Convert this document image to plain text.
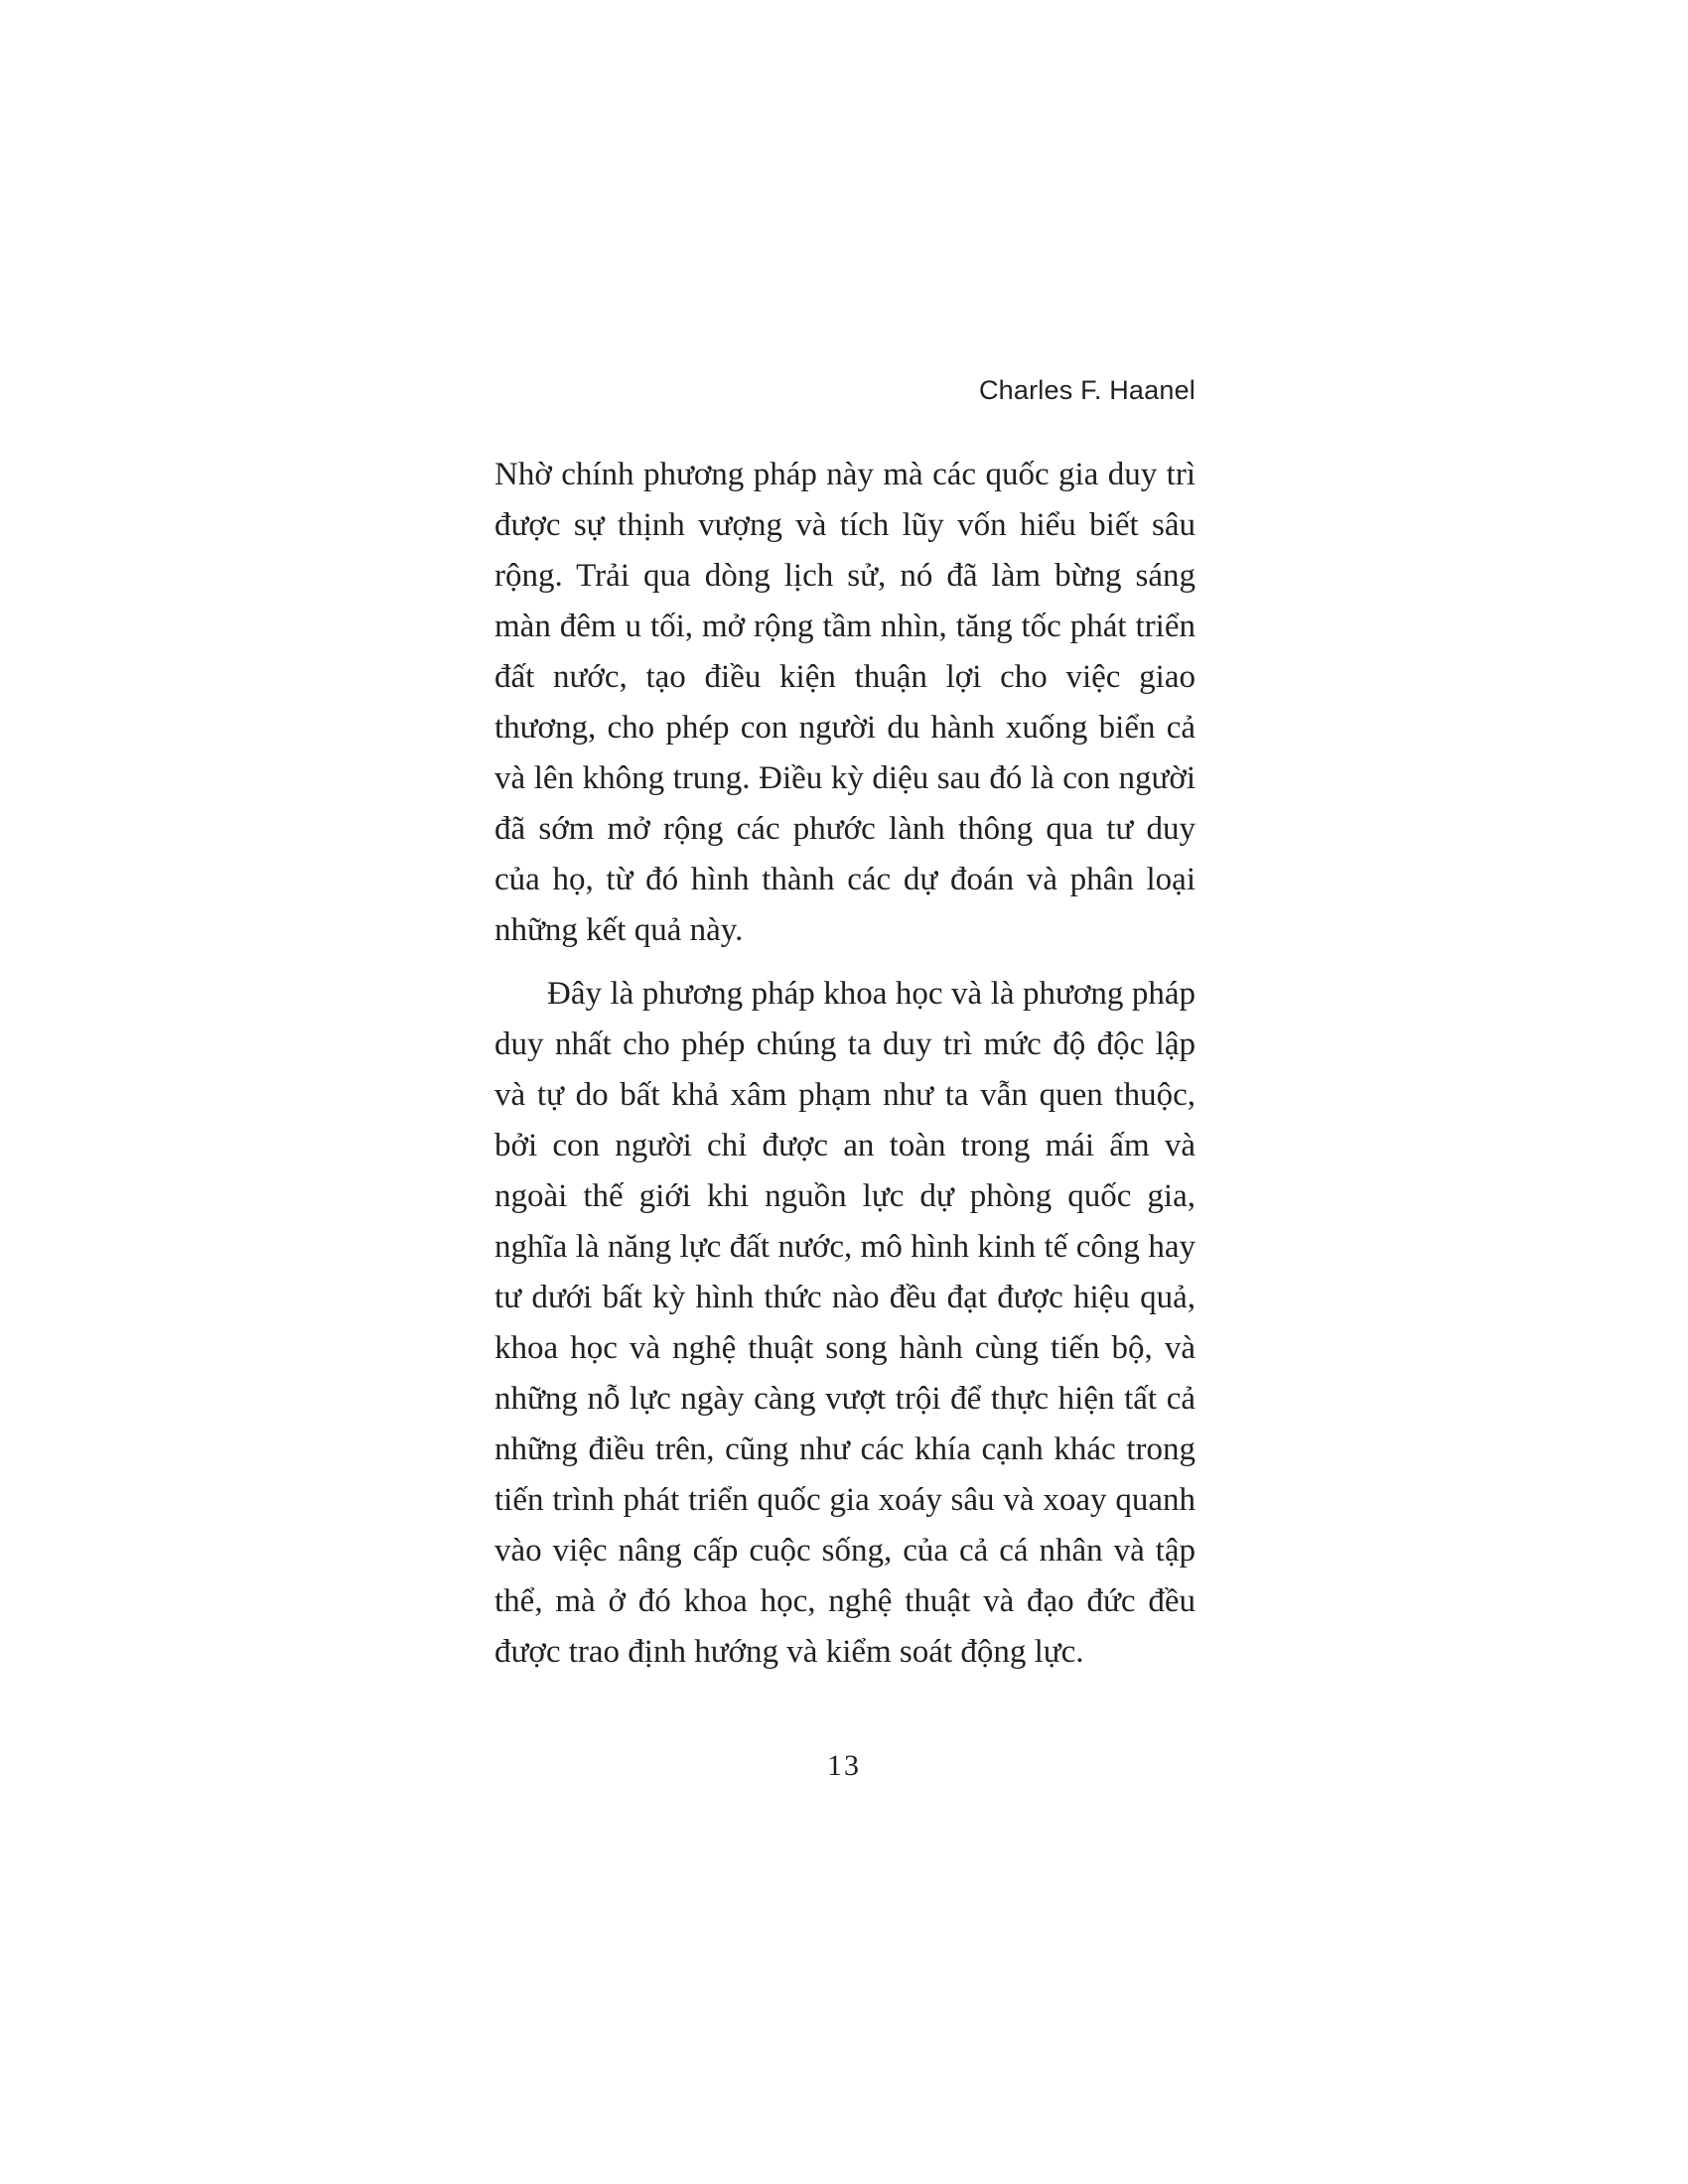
Charles F. Haanel

Nhờ chính phương pháp này mà các quốc gia duy trì được sự thịnh vượng và tích lũy vốn hiểu biết sâu rộng. Trải qua dòng lịch sử, nó đã làm bừng sáng màn đêm u tối, mở rộng tầm nhìn, tăng tốc phát triển đất nước, tạo điều kiện thuận lợi cho việc giao thương, cho phép con người du hành xuống biển cả và lên không trung. Điều kỳ diệu sau đó là con người đã sớm mở rộng các phước lành thông qua tư duy của họ, từ đó hình thành các dự đoán và phân loại những kết quả này.

Đây là phương pháp khoa học và là phương pháp duy nhất cho phép chúng ta duy trì mức độ độc lập và tự do bất khả xâm phạm như ta vẫn quen thuộc, bởi con người chỉ được an toàn trong mái ấm và ngoài thế giới khi nguồn lực dự phòng quốc gia, nghĩa là năng lực đất nước, mô hình kinh tế công hay tư dưới bất kỳ hình thức nào đều đạt được hiệu quả, khoa học và nghệ thuật song hành cùng tiến bộ, và những nỗ lực ngày càng vượt trội để thực hiện tất cả những điều trên, cũng như các khía cạnh khác trong tiến trình phát triển quốc gia xoáy sâu và xoay quanh vào việc nâng cấp cuộc sống, của cả cá nhân và tập thể, mà ở đó khoa học, nghệ thuật và đạo đức đều được trao định hướng và kiểm soát động lực.

13
